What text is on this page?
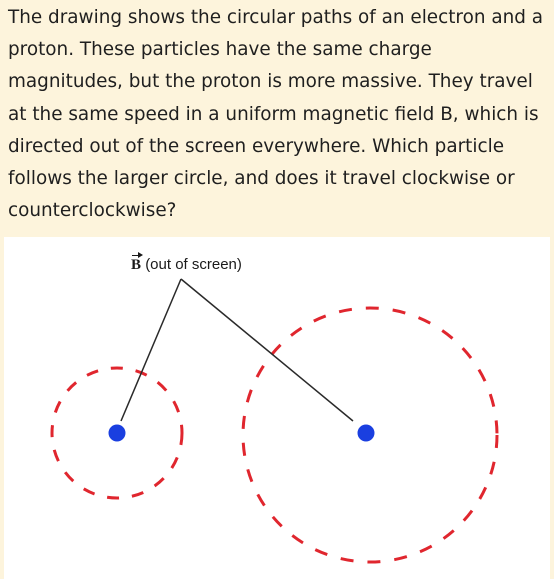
The drawing shows the circular paths of an electron and a proton. These particles have the same charge magnitudes, but the proton is more massive. They travel at the same speed in a uniform magnetic field B, which is directed out of the screen everywhere. Which particle follows the larger circle, and does it travel clockwise or counterclockwise?

B (out of screen)
